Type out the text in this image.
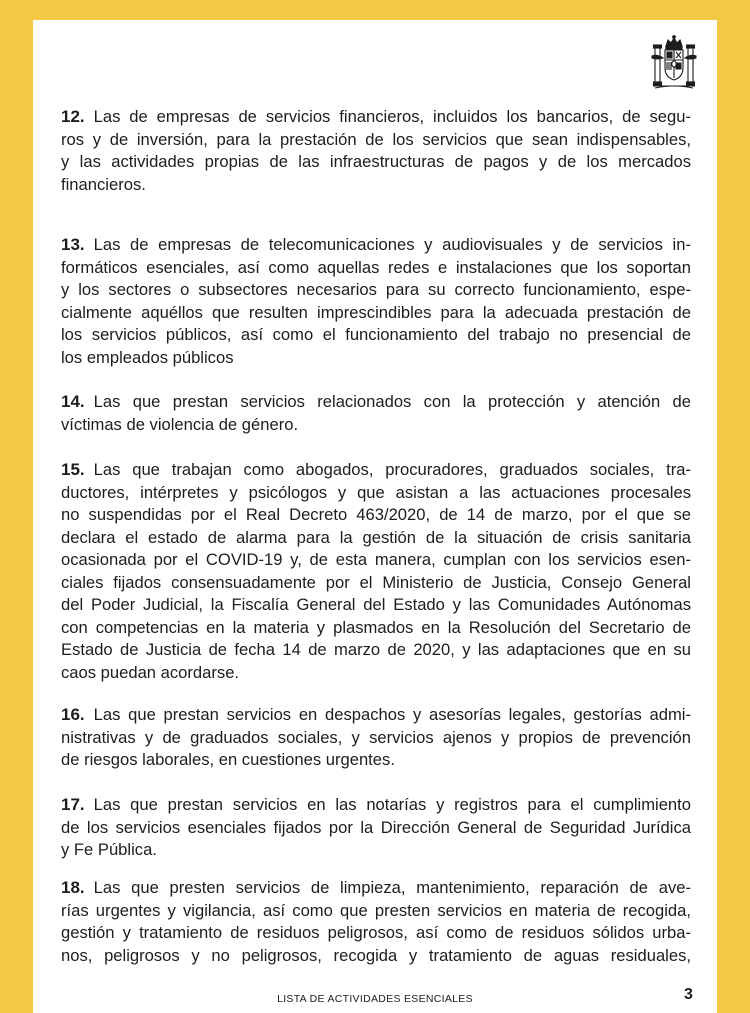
12. Las de empresas de servicios financieros, incluidos los bancarios, de segu-
ros y de inversión, para la prestación de los servicios que sean indispensables,
y las actividades propias de las infraestructuras de pagos y de los mercados
financieros.
13. Las de empresas de telecomunicaciones y audiovisuales y de servicios in-
formáticos esenciales, así como aquellas redes e instalaciones que los soportan
y los sectores o subsectores necesarios para su correcto funcionamiento, espe-
cialmente aquéllos que resulten imprescindibles para la adecuada prestación de
los servicios públicos, así como el funcionamiento del trabajo no presencial de
los empleados públicos
14. Las que prestan servicios relacionados con la protección y atención de
víctimas de violencia de género.
15. Las que trabajan como abogados, procuradores, graduados sociales, tra-
ductores, intérpretes y psicólogos y que asistan a las actuaciones procesales
no suspendidas por el Real Decreto 463/2020, de 14 de marzo, por el que se
declara el estado de alarma para la gestión de la situación de crisis sanitaria
ocasionada por el COVID-19 y, de esta manera, cumplan con los servicios esen-
ciales fijados consensuadamente por el Ministerio de Justicia, Consejo General
del Poder Judicial, la Fiscalía General del Estado y las Comunidades Autónomas
con competencias en la materia y plasmados en la Resolución del Secretario de
Estado de Justicia de fecha 14 de marzo de 2020, y las adaptaciones que en su
caos puedan acordarse.
16. Las que prestan servicios en despachos y asesorías legales, gestorías admi-
nistrativas y de graduados sociales, y servicios ajenos y propios de prevención
de riesgos laborales, en cuestiones urgentes.
17. Las que prestan servicios en las notarías y registros para el cumplimiento
de los servicios esenciales fijados por la Dirección General de Seguridad Jurídica
y Fe Pública.
18. Las que presten servicios de limpieza, mantenimiento, reparación de ave-
rías urgentes y vigilancia, así como que presten servicios en materia de recogida,
gestión y tratamiento de residuos peligrosos, así como de residuos sólidos urba-
nos, peligrosos y no peligrosos, recogida y tratamiento de aguas residuales,
LISTA DE ACTIVIDADES ESENCIALES	3
